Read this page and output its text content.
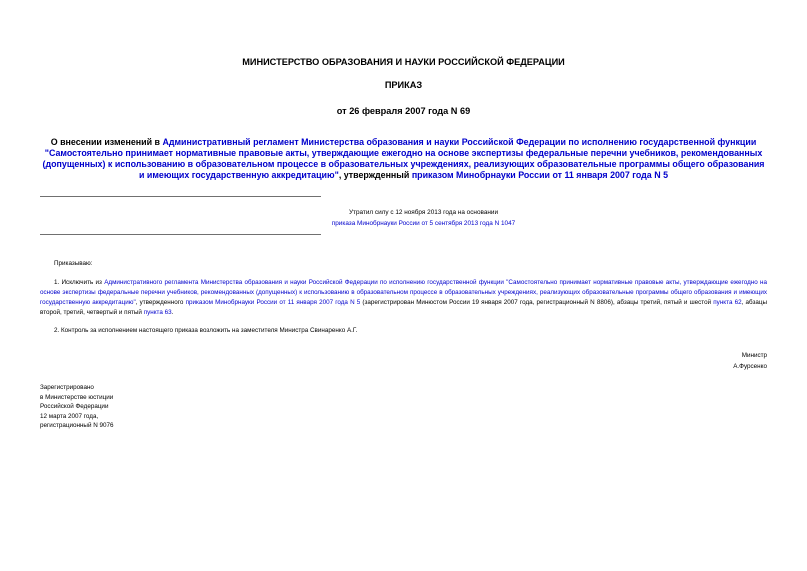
МИНИСТЕРСТВО ОБРАЗОВАНИЯ И НАУКИ РОССИЙСКОЙ ФЕДЕРАЦИИ
ПРИКАЗ
от 26 февраля 2007 года N 69
О внесении изменений в Административный регламент Министерства образования и науки Российской Федерации по исполнению государственной функции "Самостоятельно принимает нормативные правовые акты, утверждающие ежегодно на основе экспертизы федеральные перечни учебников, рекомендованных (допущенных) к использованию в образовательном процессе в образовательных учреждениях, реализующих образовательные программы общего образования и имеющих государственную аккредитацию", утвержденный приказом Минобрнауки России от 11 января 2007 года N 5
Утратил силу с 12 ноября 2013 года на основании
приказа Минобрнауки России от 5 сентября 2013 года N 1047
Приказываю:
1. Исключить из Административного регламента Министерства образования и науки Российской Федерации по исполнению государственной функции "Самостоятельно принимает нормативные правовые акты, утверждающие ежегодно на основе экспертизы федеральные перечни учебников, рекомендованных (допущенных) к использованию в образовательном процессе в образовательных учреждениях, реализующих образовательные программы общего образования и имеющих государственную аккредитацию", утвержденного приказом Минобрнауки России от 11 января 2007 года N 5 (зарегистрирован Минюстом России 19 января 2007 года, регистрационный N 8806), абзацы третий, пятый и шестой пункта 62, абзацы второй, третий, четвертый и пятый пункта 63.
2. Контроль за исполнением настоящего приказа возложить на заместителя Министра Свинаренко А.Г.
Министр
А.Фурсенко
Зарегистрировано
в Министерстве юстиции
Российской Федерации
12 марта 2007 года,
регистрационный N 9076
